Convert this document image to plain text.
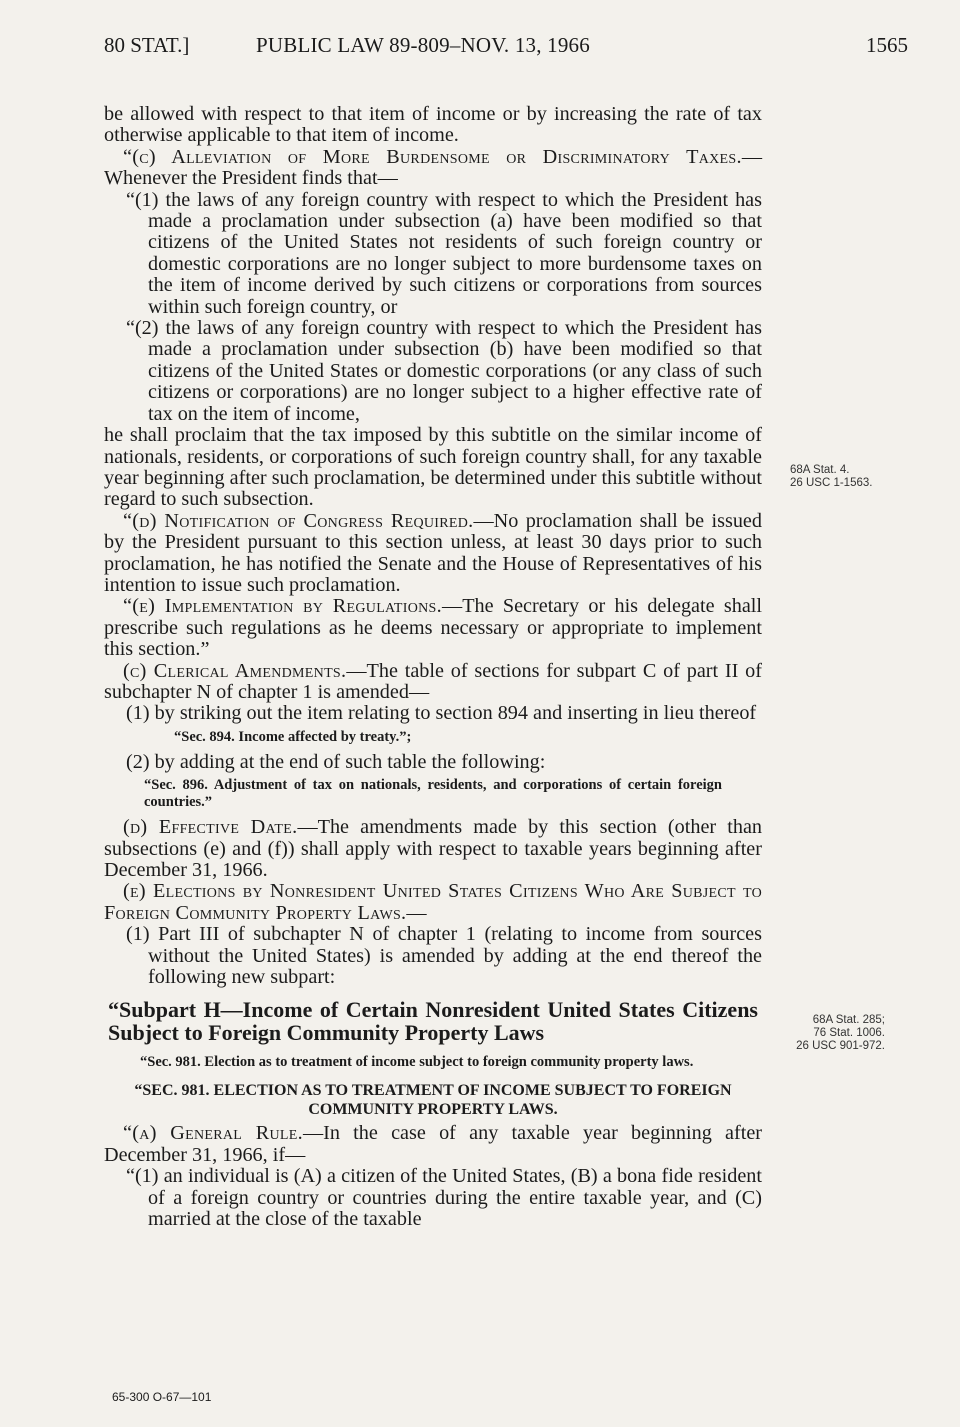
80 STAT.]	PUBLIC LAW 89-809–NOV. 13, 1966	1565

be allowed with respect to that item of income or by increasing the rate of tax otherwise applicable to that item of income.

“(c) Alleviation of More Burdensome or Discriminatory Taxes.—Whenever the President finds that—

“(1) the laws of any foreign country with respect to which the President has made a proclamation under subsection (a) have been modified so that citizens of the United States not residents of such foreign country or domestic corporations are no longer subject to more burdensome taxes on the item of income derived by such citizens or corporations from sources within such foreign country, or

“(2) the laws of any foreign country with respect to which the President has made a proclamation under subsection (b) have been modified so that citizens of the United States or domestic corporations (or any class of such citizens or corporations) are no longer subject to a higher effective rate of tax on the item of income,

he shall proclaim that the tax imposed by this subtitle on the similar income of nationals, residents, or corporations of such foreign country shall, for any taxable year beginning after such proclamation, be determined under this subtitle without regard to such subsection.

“(d) Notification of Congress Required.—No proclamation shall be issued by the President pursuant to this section unless, at least 30 days prior to such proclamation, he has notified the Senate and the House of Representatives of his intention to issue such proclamation.

“(e) Implementation by Regulations.—The Secretary or his delegate shall prescribe such regulations as he deems necessary or appropriate to implement this section.”

(c) Clerical Amendments.—The table of sections for subpart C of part II of subchapter N of chapter 1 is amended—

(1) by striking out the item relating to section 894 and inserting in lieu thereof

“Sec. 894. Income affected by treaty.”;

(2) by adding at the end of such table the following:

“Sec. 896. Adjustment of tax on nationals, residents, and corporations of certain foreign countries.”

(d) Effective Date.—The amendments made by this section (other than subsections (e) and (f)) shall apply with respect to taxable years beginning after December 31, 1966.

(e) Elections by Nonresident United States Citizens Who Are Subject to Foreign Community Property Laws.—

(1) Part III of subchapter N of chapter 1 (relating to income from sources without the United States) is amended by adding at the end thereof the following new subpart:

“Subpart H—Income of Certain Nonresident United States Citizens Subject to Foreign Community Property Laws

“Sec. 981. Election as to treatment of income subject to foreign community property laws.

“SEC. 981. ELECTION AS TO TREATMENT OF INCOME SUBJECT TO FOREIGN COMMUNITY PROPERTY LAWS.

“(a) General Rule.—In the case of any taxable year beginning after December 31, 1966, if—

“(1) an individual is (A) a citizen of the United States, (B) a bona fide resident of a foreign country or countries during the entire taxable year, and (C) married at the close of the taxable

68A Stat. 4.
26 USC 1-1563.
68A Stat. 285;
76 Stat. 1006.
26 USC 901-972.
65-300 O-67—101
